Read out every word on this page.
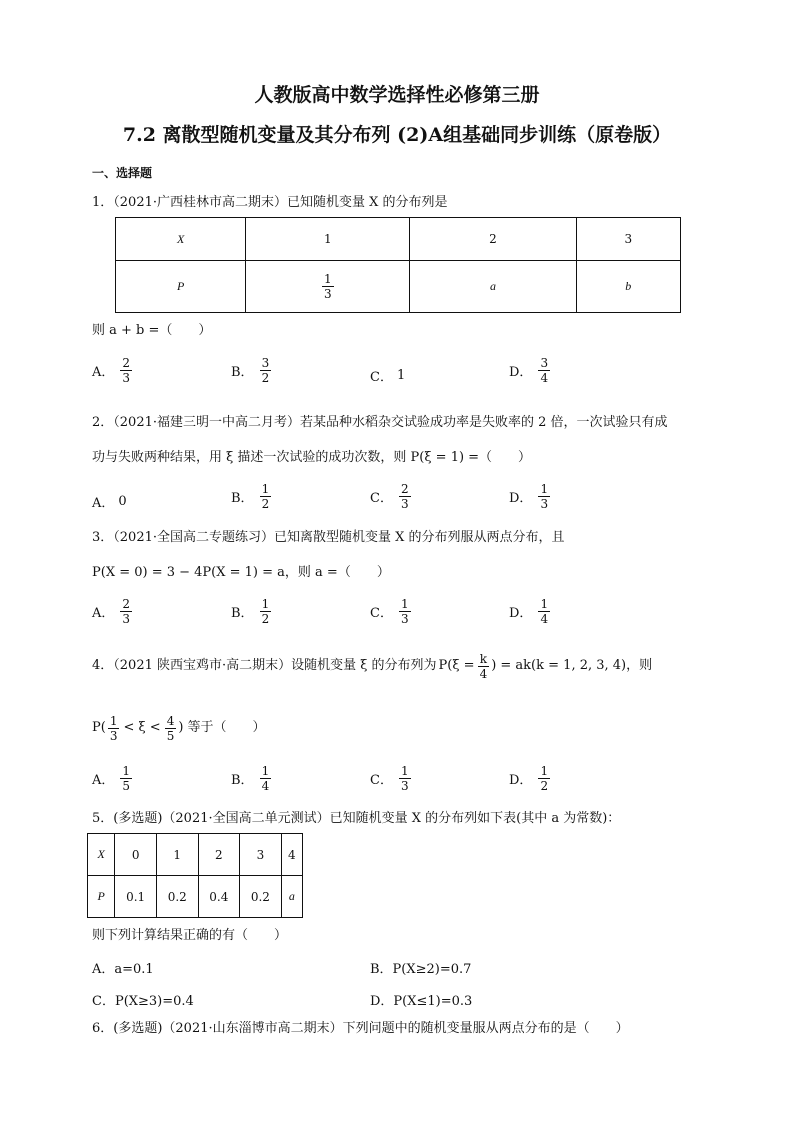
人教版高中数学选择性必修第三册
7.2 离散型随机变量及其分布列 (2)A组基础同步训练（原卷版）
一、选择题
1．（2021·广西桂林市高二期末）已知随机变量 X 的分布列是
X	1	2	3
P	$\frac{1}{3}$	a	b
则 a + b =（　　）
A． $\frac{2}{3}$	B． $\frac{3}{2}$	C． 1	D． $\frac{3}{4}$
2．（2021·福建三明一中高二月考）若某品种水稻杂交试验成功率是失败率的 2 倍，一次试验只有成
功与失败两种结果，用 ξ 描述一次试验的成功次数，则 P(ξ = 1) =（　　）
A． 0	B． $\frac{1}{2}$	C． $\frac{2}{3}$	D． $\frac{1}{3}$
3．（2021·全国高二专题练习）已知离散型随机变量 X 的分布列服从两点分布，且
P(X = 0) = 3 − 4P(X = 1) = a，则 a =（　　）
A． $\frac{2}{3}$	B． $\frac{1}{2}$	C． $\frac{1}{3}$	D． $\frac{1}{4}$
4．（2021 陕西宝鸡市·高二期末）设随机变量 ξ 的分布列为 $P(\xi = \frac{k}{4}$ ) = ak(k = 1, 2, 3, 4)，则
$P( \frac{1}{3} < \xi < \frac{4}{5}$ ) 等于（　　）
A． $\frac{1}{5}$	B． $\frac{1}{4}$	C． $\frac{1}{3}$	D． $\frac{1}{2}$
5．(多选题)（2021·全国高二单元测试）已知随机变量 X 的分布列如下表(其中 a 为常数)：
X	0	1	2	3	4
P	0.1	0.2	0.4	0.2	a
则下列计算结果正确的有（　　）
A．a=0.1	B．P(X≥2)=0.7
C．P(X≥3)=0.4	D．P(X≤1)=0.3
6．(多选题)（2021·山东淄博市高二期末）下列问题中的随机变量服从两点分布的是（　　）
